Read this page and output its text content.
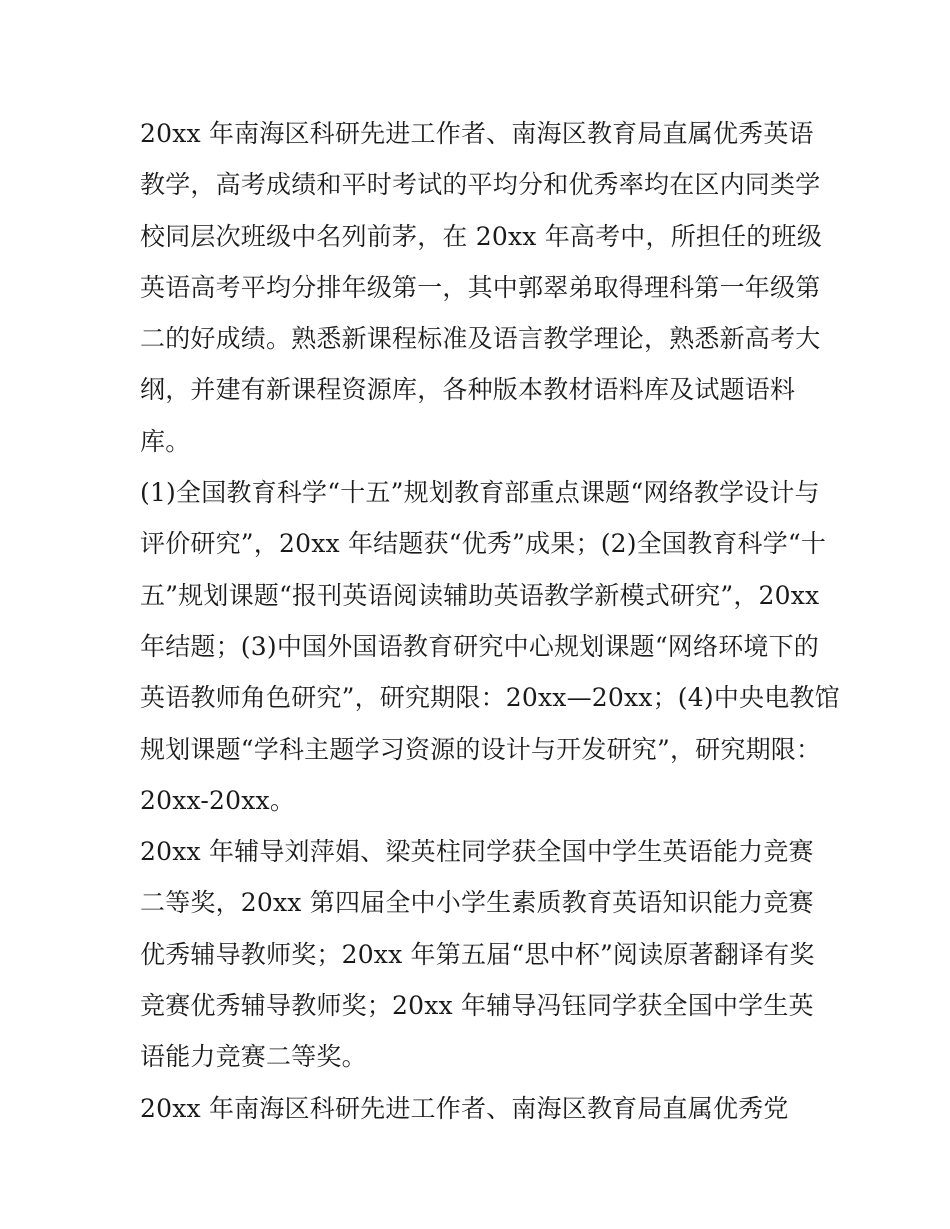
20xx 年南海区科研先进工作者、南海区教育局直属优秀英语
教学，高考成绩和平时考试的平均分和优秀率均在区内同类学
校同层次班级中名列前茅，在 20xx 年高考中，所担任的班级
英语高考平均分排年级第一，其中郭翠弟取得理科第一年级第
二的好成绩。熟悉新课程标准及语言教学理论，熟悉新高考大
纲，并建有新课程资源库，各种版本教材语料库及试题语料
库。
(1)全国教育科学“十五”规划教育部重点课题“网络教学设计与
评价研究”，20xx 年结题获“优秀”成果；(2)全国教育科学“十
五”规划课题“报刊英语阅读辅助英语教学新模式研究”，20xx
年结题；(3)中国外国语教育研究中心规划课题“网络环境下的
英语教师角色研究”，研究期限：20xx—20xx；(4)中央电教馆
规划课题“学科主题学习资源的设计与开发研究”，研究期限：
20xx-20xx。
20xx 年辅导刘萍娟、梁英柱同学获全国中学生英语能力竞赛
二等奖，20xx 第四届全中小学生素质教育英语知识能力竞赛
优秀辅导教师奖；20xx 年第五届“思中杯”阅读原著翻译有奖
竞赛优秀辅导教师奖；20xx 年辅导冯钰同学获全国中学生英
语能力竞赛二等奖。
20xx 年南海区科研先进工作者、南海区教育局直属优秀党
